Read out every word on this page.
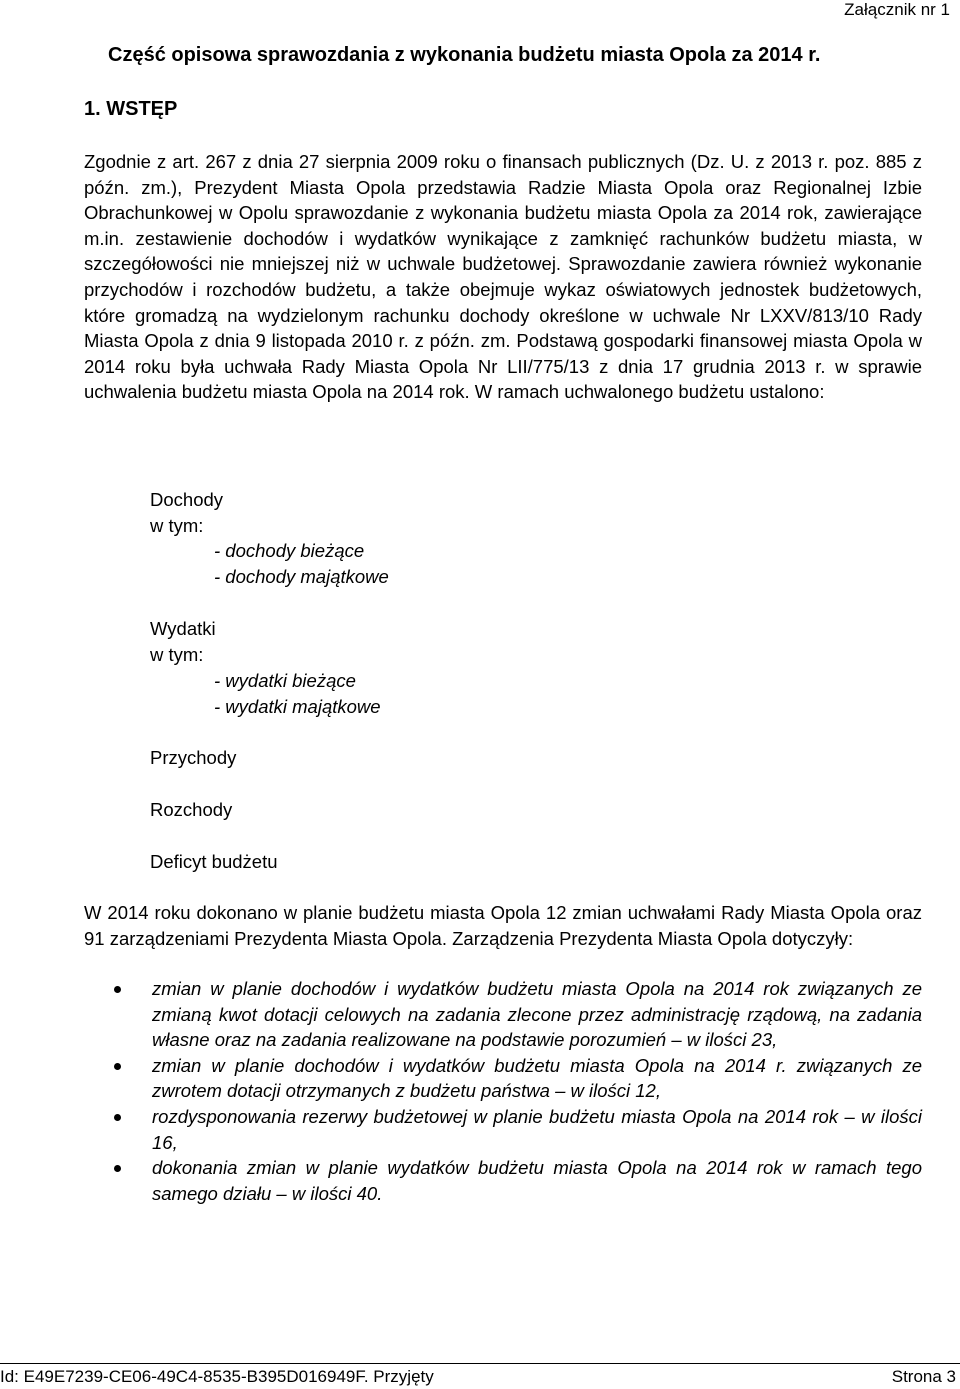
Załącznik nr 1
Część opisowa sprawozdania z wykonania budżetu miasta Opola za 2014 r.
1. WSTĘP

Zgodnie z art. 267 z dnia 27 sierpnia 2009 roku o finansach publicznych (Dz. U. z 2013 r. poz. 885 z późn. zm.), Prezydent Miasta Opola przedstawia Radzie Miasta Opola oraz Regionalnej Izbie Obrachunkowej w Opolu sprawozdanie z wykonania budżetu miasta Opola za 2014 rok, zawierające m.in. zestawienie dochodów i wydatków wynikające z zamknięć rachunków budżetu miasta, w szczegółowości nie mniejszej niż w uchwale budżetowej. Sprawozdanie zawiera również wykonanie przychodów i rozchodów budżetu, a także obejmuje wykaz oświatowych jednostek budżetowych, które gromadzą na wydzielonym rachunku dochody określone w uchwale Nr LXXV/813/10 Rady Miasta Opola z dnia 9 listopada 2010 r. z późn. zm. Podstawą gospodarki finansowej miasta Opola w 2014 roku była uchwała Rady Miasta Opola Nr LII/775/13 z dnia 17 grudnia 2013 r. w sprawie uchwalenia budżetu miasta Opola na 2014 rok. W ramach uchwalonego budżetu ustalono:

Dochody
w tym:
- dochody bieżące
- dochody majątkowe
Wydatki
w tym:
- wydatki bieżące
- wydatki majątkowe
Przychody
Rozchody
Deficyt budżetu

W 2014 roku dokonano w planie budżetu miasta Opola 12 zmian uchwałami Rady Miasta Opola oraz 91 zarządzeniami Prezydenta Miasta Opola. Zarządzenia Prezydenta Miasta Opola dotyczyły:

zmian w planie dochodów i wydatków budżetu miasta Opola na 2014 rok związanych ze zmianą kwot dotacji celowych na zadania zlecone przez administrację rządową, na zadania własne oraz na zadania realizowane na podstawie porozumień – w ilości 23,
zmian w planie dochodów i wydatków budżetu miasta Opola na 2014 r. związanych ze zwrotem dotacji otrzymanych z budżetu państwa – w ilości 12,
rozdysponowania rezerwy budżetowej w planie budżetu miasta Opola na 2014 rok – w ilości 16,
dokonania zmian w planie wydatków budżetu miasta Opola na 2014 rok w ramach tego samego działu – w ilości 40.
Id: E49E7239-CE06-49C4-8535-B395D016949F. Przyjęty	Strona 3
